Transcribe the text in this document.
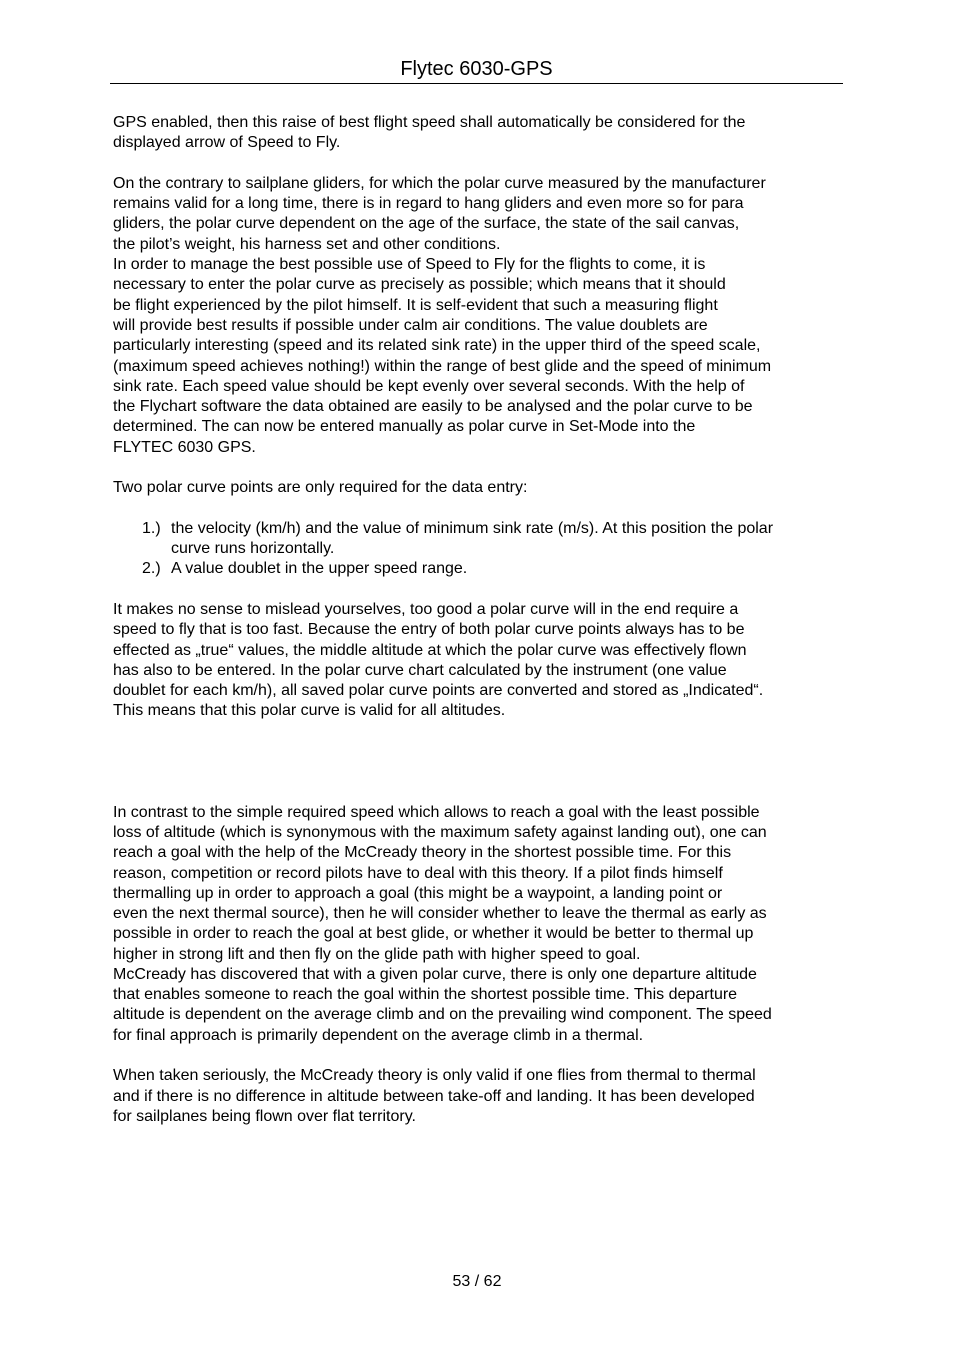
Flytec 6030-GPS
GPS enabled, then this raise of best flight speed shall automatically be considered for the
displayed arrow of Speed to Fly.
On the contrary to sailplane gliders, for which the polar curve measured by the manufacturer
remains valid for a long time, there is in regard to hang gliders and even more so for para
gliders, the polar curve dependent on the age of the surface, the state of the sail canvas,
the pilot’s weight, his harness set and other conditions.
In order to manage the best possible use of Speed to Fly for the flights to come, it is
necessary to enter the polar curve as precisely as possible; which means that it should
be flight experienced by the pilot himself. It is self-evident that such a measuring flight
will provide best results if possible under calm air conditions. The value doublets are
particularly interesting (speed and its related sink rate) in the upper third of the speed scale,
(maximum speed achieves nothing!) within the range of best glide and the speed of minimum
sink rate. Each speed value should be kept evenly over several seconds. With the help of
the Flychart software the data obtained are easily to be analysed and the polar curve to be
determined. The can now be entered manually as polar curve in Set-Mode into the
FLYTEC 6030 GPS.
Two polar curve points are only required for the data entry:
1.) the velocity (km/h) and the value of minimum sink rate (m/s). At this position the polar
curve runs horizontally.
2.) A value doublet in the upper speed range.
It makes no sense to mislead yourselves, too good a polar curve will in the end require a
speed to fly that is too fast. Because the entry of both polar curve points always has to be
effected as „true“ values, the middle altitude at which the polar curve was effectively flown
has also to be entered. In the polar curve chart calculated by the instrument (one value
doublet for each km/h), all saved polar curve points are converted and stored as „Indicated“.
This means that this polar curve is valid for all altitudes.
In contrast to the simple required speed which allows to reach a goal with the least possible
loss of altitude (which is synonymous with the maximum safety against landing out), one can
reach a goal with the help of the McCready theory in the shortest possible time. For this
reason, competition or record pilots have to deal with this theory. If a pilot finds himself
thermalling up in order to approach a goal (this might be a waypoint, a landing point or
even the next thermal source), then he will consider whether to leave the thermal as early as
possible in order to reach the goal at best glide, or whether it would be better to thermal up
higher in strong lift and then fly on the glide path with higher speed to goal.
McCready has discovered that with a given polar curve, there is only one departure altitude
that enables someone to reach the goal within the shortest possible time. This departure
altitude is dependent on the average climb and on the prevailing wind component. The speed
for final approach is primarily dependent on the average climb in a thermal.
When taken seriously, the McCready theory is only valid if one flies from thermal to thermal
and if there is no difference in altitude between take-off and landing. It has been developed
for sailplanes being flown over flat territory.
53 / 62
